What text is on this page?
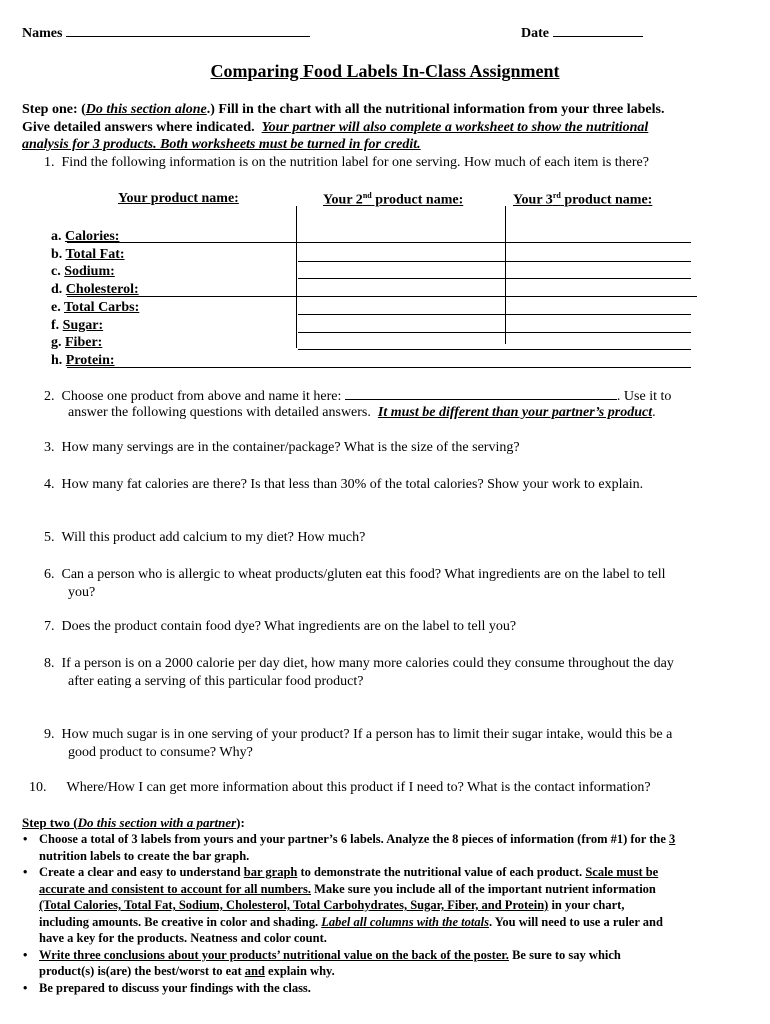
Names	Date
Comparing Food Labels In-Class Assignment
Step one: (Do this section alone.) Fill in the chart with all the nutritional information from your three labels.
Give detailed answers where indicated. Your partner will also complete a worksheet to show the nutritional
analysis for 3 products. Both worksheets must be turned in for credit.
1. Find the following information is on the nutrition label for one serving. How much of each item is there?
Your product name:	Your 2nd product name:	Your 3rd product name:
a. Calories:
b. Total Fat:
c. Sodium:
d. Cholesterol:
e. Total Carbs:
f. Sugar:
g. Fiber:
h. Protein:
2. Choose one product from above and name it here:	. Use it to
answer the following questions with detailed answers. It must be different than your partner’s product.
3. How many servings are in the container/package? What is the size of the serving?
4. How many fat calories are there? Is that less than 30% of the total calories? Show your work to explain.
5. Will this product add calcium to my diet? How much?
6. Can a person who is allergic to wheat products/gluten eat this food? What ingredients are on the label to tell
you?
7. Does the product contain food dye? What ingredients are on the label to tell you?
8. If a person is on a 2000 calorie per day diet, how many more calories could they consume throughout the day
after eating a serving of this particular food product?
9. How much sugar is in one serving of your product? If a person has to limit their sugar intake, would this be a
good product to consume? Why?
10. Where/How I can get more information about this product if I need to? What is the contact information?
Step two (Do this section with a partner):
• Choose a total of 3 labels from yours and your partner’s 6 labels. Analyze the 8 pieces of information (from #1) for the 3
nutrition labels to create the bar graph.
• Create a clear and easy to understand bar graph to demonstrate the nutritional value of each product. Scale must be
accurate and consistent to account for all numbers. Make sure you include all of the important nutrient information
(Total Calories, Total Fat, Sodium, Cholesterol, Total Carbohydrates, Sugar, Fiber, and Protein) in your chart,
including amounts. Be creative in color and shading. Label all columns with the totals. You will need to use a ruler and
have a key for the products. Neatness and color count.
• Write three conclusions about your products’ nutritional value on the back of the poster. Be sure to say which
product(s) is(are) the best/worst to eat and explain why.
• Be prepared to discuss your findings with the class.
